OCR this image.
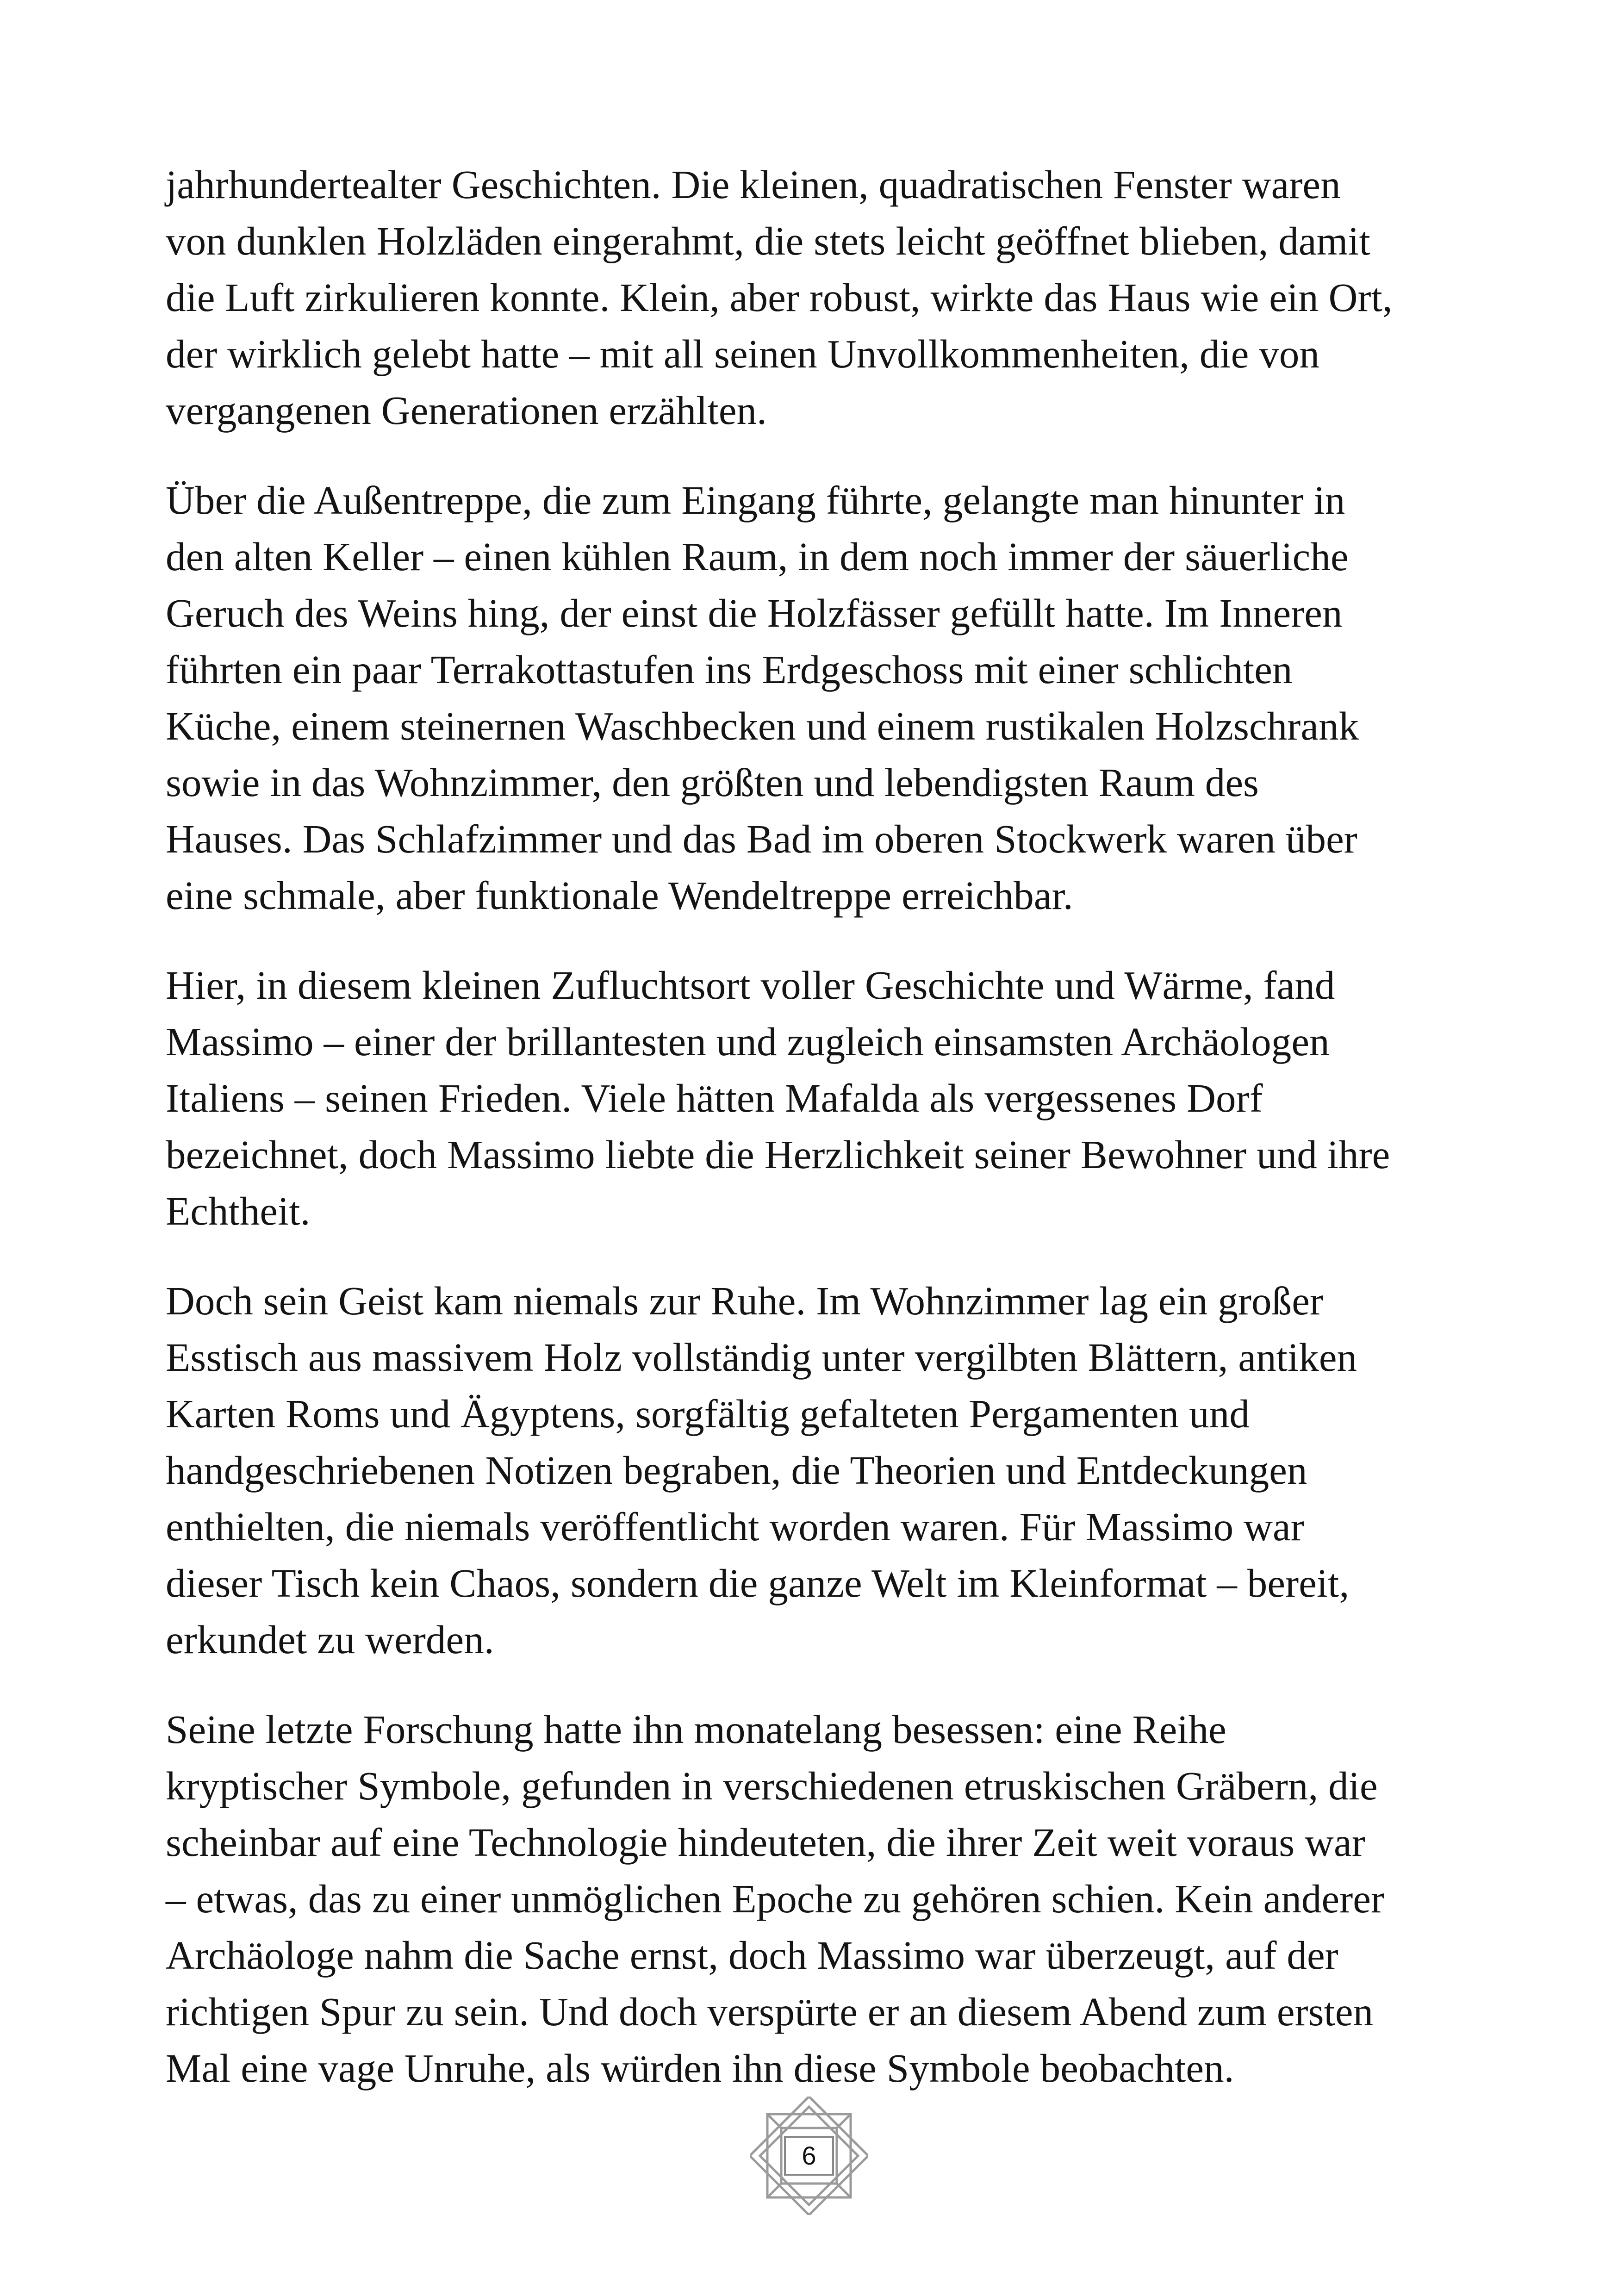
jahrhundertealter Geschichten. Die kleinen, quadratischen Fenster waren
von dunklen Holzläden eingerahmt, die stets leicht geöffnet blieben, damit
die Luft zirkulieren konnte. Klein, aber robust, wirkte das Haus wie ein Ort,
der wirklich gelebt hatte – mit all seinen Unvollkommenheiten, die von
vergangenen Generationen erzählten.

Über die Außentreppe, die zum Eingang führte, gelangte man hinunter in
den alten Keller – einen kühlen Raum, in dem noch immer der säuerliche
Geruch des Weins hing, der einst die Holzfässer gefüllt hatte. Im Inneren
führten ein paar Terrakottastufen ins Erdgeschoss mit einer schlichten
Küche, einem steinernen Waschbecken und einem rustikalen Holzschrank
sowie in das Wohnzimmer, den größten und lebendigsten Raum des
Hauses. Das Schlafzimmer und das Bad im oberen Stockwerk waren über
eine schmale, aber funktionale Wendeltreppe erreichbar.

Hier, in diesem kleinen Zufluchtsort voller Geschichte und Wärme, fand
Massimo – einer der brillantesten und zugleich einsamsten Archäologen
Italiens – seinen Frieden. Viele hätten Mafalda als vergessenes Dorf
bezeichnet, doch Massimo liebte die Herzlichkeit seiner Bewohner und ihre
Echtheit.

Doch sein Geist kam niemals zur Ruhe. Im Wohnzimmer lag ein großer
Esstisch aus massivem Holz vollständig unter vergilbten Blättern, antiken
Karten Roms und Ägyptens, sorgfältig gefalteten Pergamenten und
handgeschriebenen Notizen begraben, die Theorien und Entdeckungen
enthielten, die niemals veröffentlicht worden waren. Für Massimo war
dieser Tisch kein Chaos, sondern die ganze Welt im Kleinformat – bereit,
erkundet zu werden.

Seine letzte Forschung hatte ihn monatelang besessen: eine Reihe
kryptischer Symbole, gefunden in verschiedenen etruskischen Gräbern, die
scheinbar auf eine Technologie hindeuteten, die ihrer Zeit weit voraus war
– etwas, das zu einer unmöglichen Epoche zu gehören schien. Kein anderer
Archäologe nahm die Sache ernst, doch Massimo war überzeugt, auf der
richtigen Spur zu sein. Und doch verspürte er an diesem Abend zum ersten
Mal eine vage Unruhe, als würden ihn diese Symbole beobachten.

6
